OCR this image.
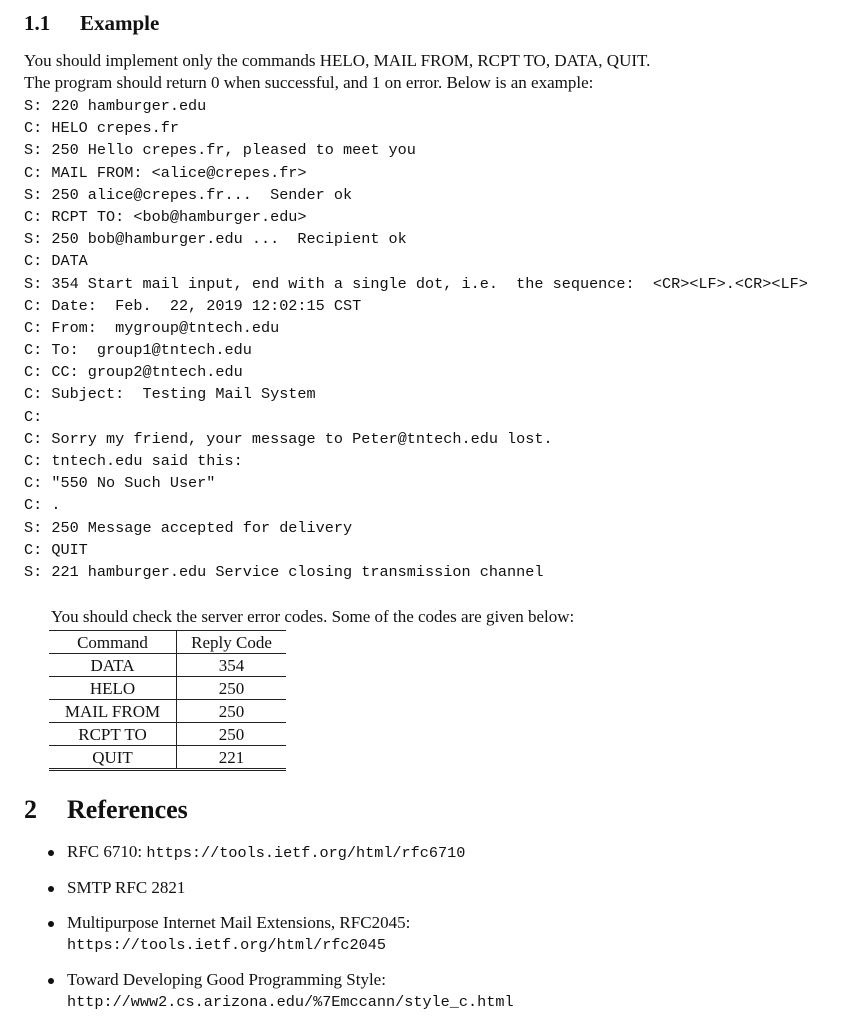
1.1 Example

You should implement only the commands HELO, MAIL FROM, RCPT TO, DATA, QUIT.
The program should return 0 when successful, and 1 on error. Below is an example:

S: 220 hamburger.edu
C: HELO crepes.fr
S: 250 Hello crepes.fr, pleased to meet you
C: MAIL FROM: <alice@crepes.fr>
S: 250 alice@crepes.fr...  Sender ok
C: RCPT TO: <bob@hamburger.edu>
S: 250 bob@hamburger.edu ...  Recipient ok
C: DATA
S: 354 Start mail input, end with a single dot, i.e.  the sequence:  <CR><LF>.<CR><LF>
C: Date:  Feb.  22, 2019 12:02:15 CST
C: From:  mygroup@tntech.edu
C: To:  group1@tntech.edu
C: CC: group2@tntech.edu
C: Subject:  Testing Mail System
C:
C: Sorry my friend, your message to Peter@tntech.edu lost.
C: tntech.edu said this:
C: "550 No Such User"
C: .
S: 250 Message accepted for delivery
C: QUIT
S: 221 hamburger.edu Service closing transmission channel
You should check the server error codes. Some of the codes are given below:
Command	Reply Code
DATA	354
HELO	250
MAIL FROM	250
RCPT TO	250
QUIT	221
2 References
RFC 6710: https://tools.ietf.org/html/rfc6710
SMTP RFC 2821
Multipurpose Internet Mail Extensions, RFC2045:
https://tools.ietf.org/html/rfc2045
Toward Developing Good Programming Style:
http://www2.cs.arizona.edu/%7Emccann/style_c.html
